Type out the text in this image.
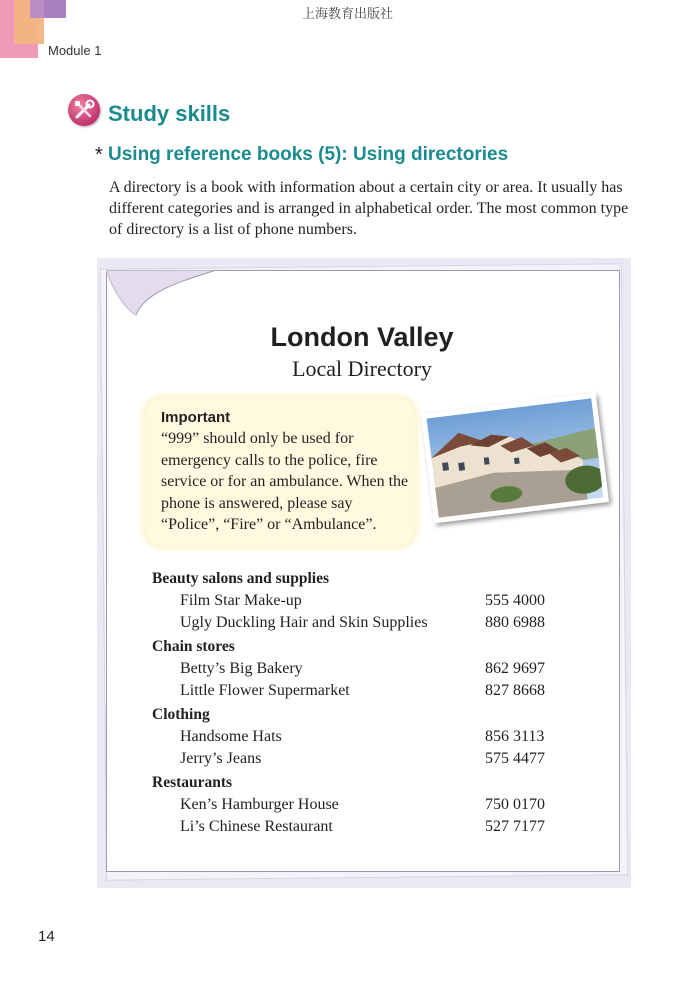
上海教育出版社
Module 1
Study skills
* Using reference books (5): Using directories
A directory is a book with information about a certain city or area. It usually has different categories and is arranged in alphabetical order. The most common type of directory is a list of phone numbers.
London Valley
Local Directory
Important
“999” should only be used for emergency calls to the police, fire service or for an ambulance. When the phone is answered, please say “Police”, “Fire” or “Ambulance”.
Beauty salons and supplies
Film Star Make-up	555 4000
Ugly Duckling Hair and Skin Supplies	880 6988
Chain stores
Betty’s Big Bakery	862 9697
Little Flower Supermarket	827 8668
Clothing
Handsome Hats	856 3113
Jerry’s Jeans	575 4477
Restaurants
Ken’s Hamburger House	750 0170
Li’s Chinese Restaurant	527 7177
14
